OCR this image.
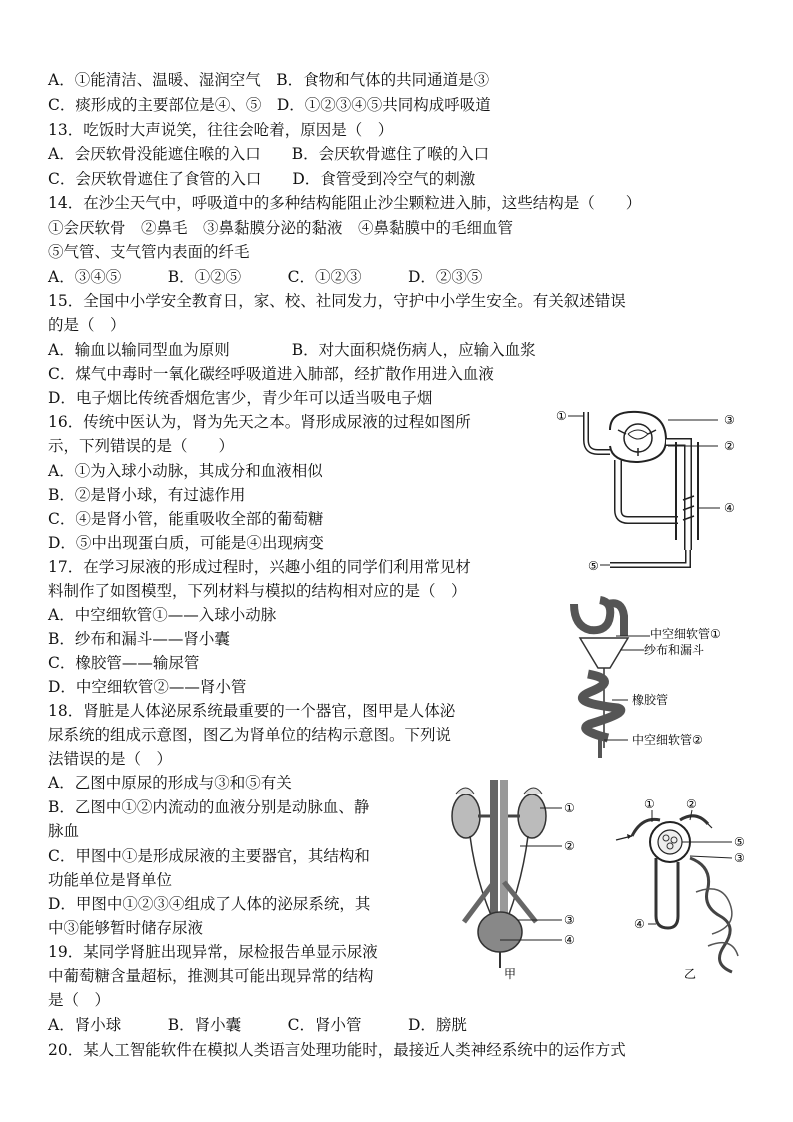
A．①能清洁、温暖、湿润空气　B．食物和气体的共同通道是③
C．痰形成的主要部位是④、⑤　D．①②③④⑤共同构成呼吸道
13．吃饭时大声说笑，往往会呛着，原因是（　）
A．会厌软骨没能遮住喉的入口　　B．会厌软骨遮住了喉的入口
C．会厌软骨遮住了食管的入口　　D．食管受到冷空气的刺激
14．在沙尘天气中，呼吸道中的多种结构能阻止沙尘颗粒进入肺，这些结构是（　　）
①会厌软骨　②鼻毛　③鼻黏膜分泌的黏液　④鼻黏膜中的毛细血管
⑤气管、支气管内表面的纤毛
A．③④⑤　　　B．①②⑤　　　C．①②③　　　D．②③⑤
15．全国中小学安全教育日，家、校、社同发力，守护中小学生安全。有关叙述错误
的是（　）
A．输血以输同型血为原则　　　　B．对大面积烧伤病人，应输入血浆
C．煤气中毒时一氧化碳经呼吸道进入肺部，经扩散作用进入血液
D．电子烟比传统香烟危害少，青少年可以适当吸电子烟
16．传统中医认为，肾为先天之本。肾形成尿液的过程如图所
示，下列错误的是（　　）
A．①为入球小动脉，其成分和血液相似
B．②是肾小球，有过滤作用
C．④是肾小管，能重吸收全部的葡萄糖
D．⑤中出现蛋白质，可能是④出现病变
17．在学习尿液的形成过程时，兴趣小组的同学们利用常见材
料制作了如图模型，下列材料与模拟的结构相对应的是（　）
A．中空细软管①——入球小动脉
B．纱布和漏斗——肾小囊
C．橡胶管——输尿管
D．中空细软管②——肾小管
18．肾脏是人体泌尿系统最重要的一个器官，图甲是人体泌
尿系统的组成示意图，图乙为肾单位的结构示意图。下列说
法错误的是（　）
A．乙图中原尿的形成与③和⑤有关
B．乙图中①②内流动的血液分别是动脉血、静
脉血
C．甲图中①是形成尿液的主要器官，其结构和
功能单位是肾单位
D．甲图中①②③④组成了人体的泌尿系统，其
中③能够暂时储存尿液
19．某同学肾脏出现异常，尿检报告单显示尿液
中葡萄糖含量超标，推测其可能出现异常的结构
是（　）
A．肾小球　　　B．肾小囊　　　C．肾小管　　　D．膀胱
20．某人工智能软件在模拟人类语言处理功能时，最接近人类神经系统中的运作方式
①	③
②
④
⑤
中空细软管①
纱布和漏斗
橡胶管
中空细软管②
①
②
③
④
甲
①	②
⑤
③
④
乙
